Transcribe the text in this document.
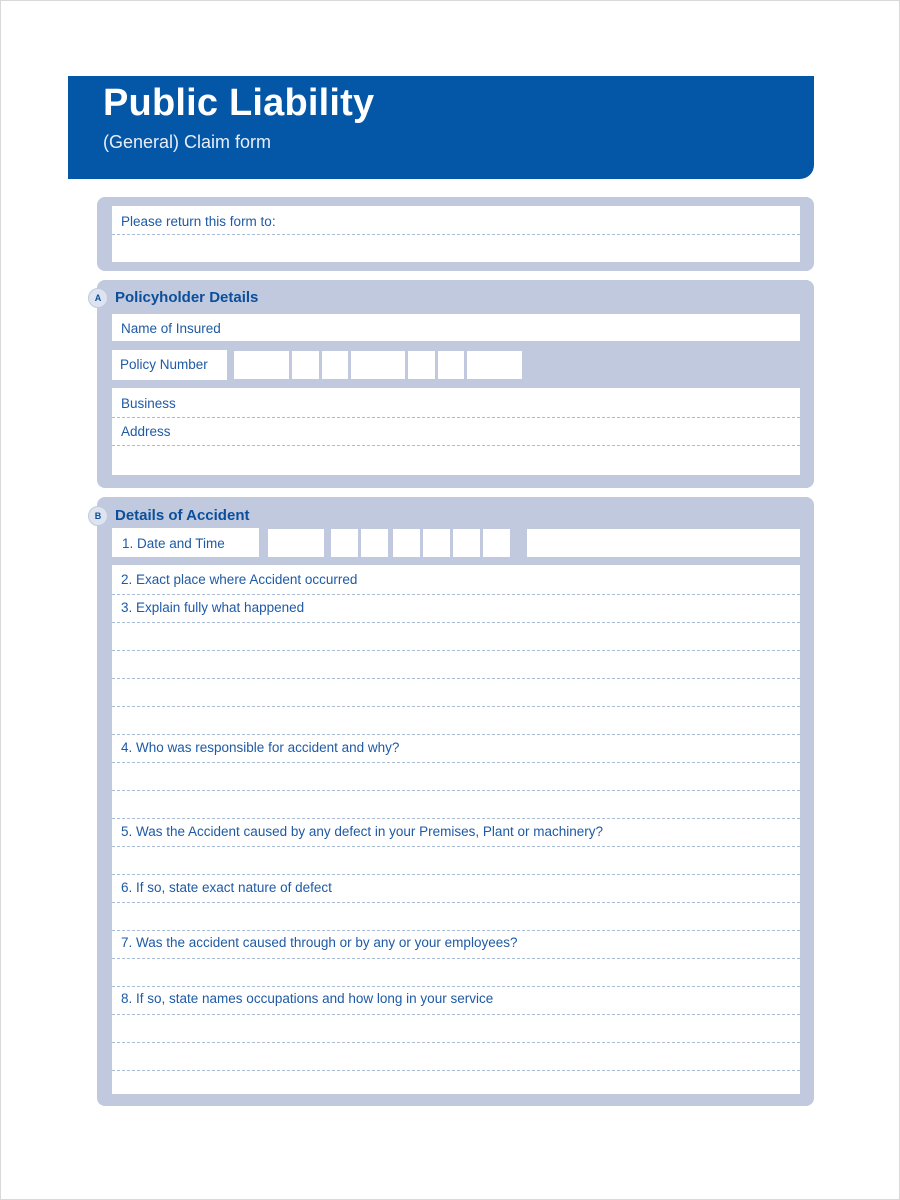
Public Liability
(General) Claim form
Please return this form to:
A Policyholder Details
Name of Insured
Policy Number
Business
Address
B Details of Accident
1. Date and Time
2. Exact place where Accident occurred
3. Explain fully what happened
4. Who was responsible for accident and why?
5. Was the Accident caused by any defect in your Premises, Plant or machinery?
6. If so, state exact nature of defect
7. Was the accident caused through or by any or your employees?
8. If so, state names occupations and how long in your service
